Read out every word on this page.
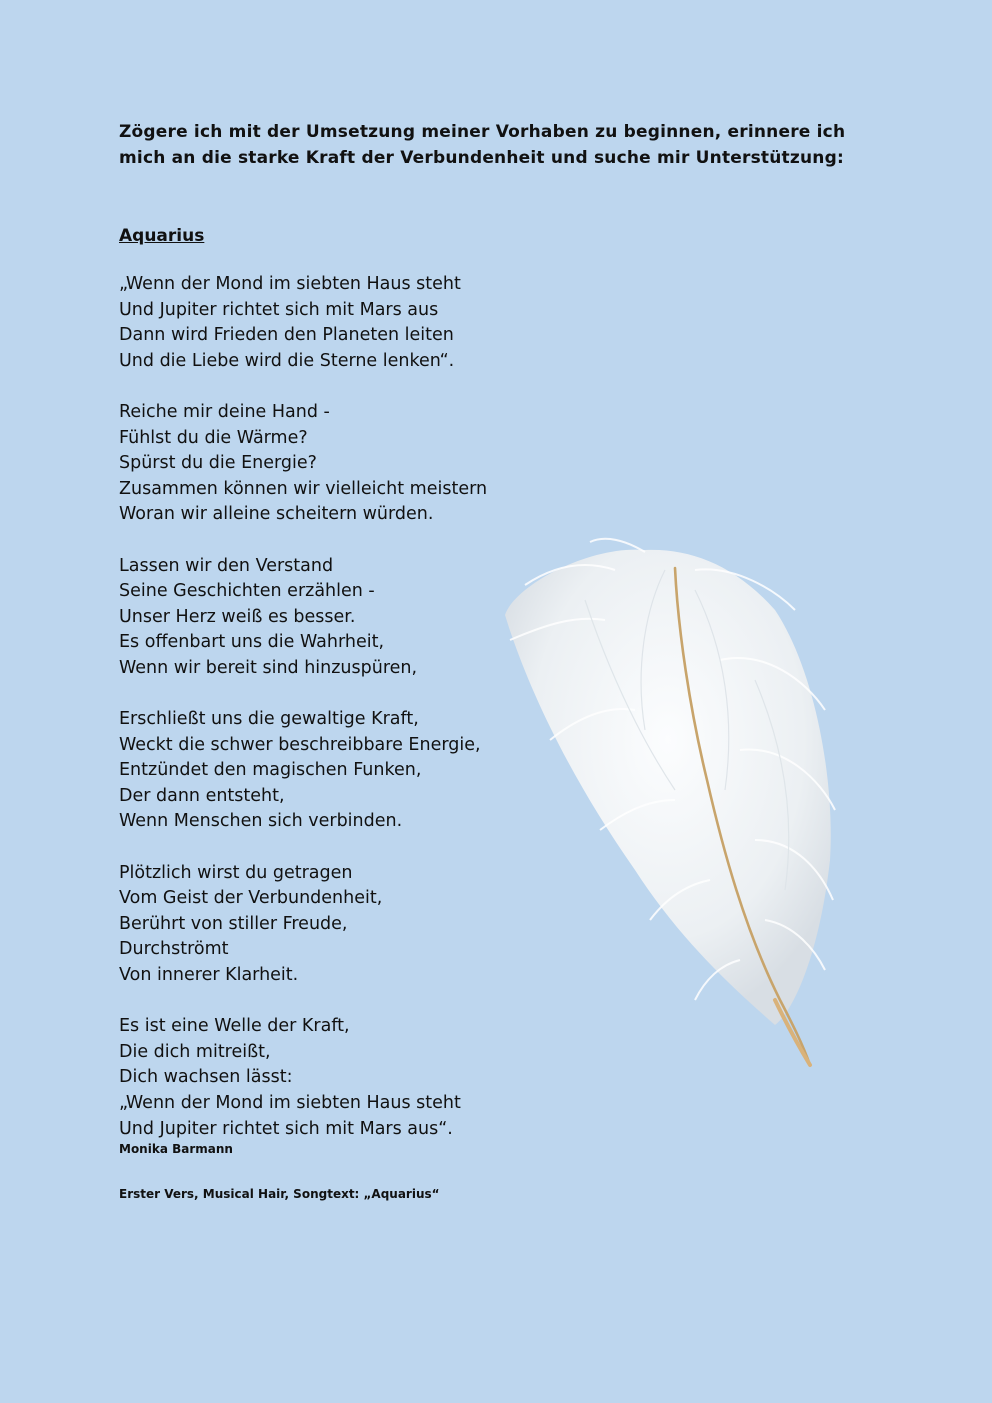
Zögere ich mit der Umsetzung meiner Vorhaben zu beginnen, erinnere ich mich an die starke Kraft der Verbundenheit und suche mir Unterstützung:
Aquarius
„Wenn der Mond im siebten Haus steht
Und Jupiter richtet sich mit Mars aus
Dann wird Frieden den Planeten leiten
Und die Liebe wird die Sterne lenken“.
Reiche mir deine Hand -
Fühlst du die Wärme?
Spürst du die Energie?
Zusammen können wir vielleicht meistern
Woran wir alleine scheitern würden.
Lassen wir den Verstand
Seine Geschichten erzählen -
Unser Herz weiß es besser.
Es offenbart uns die Wahrheit,
Wenn wir bereit sind hinzuspüren,
Erschließt uns die gewaltige Kraft,
Weckt die schwer beschreibbare Energie,
Entzündet den magischen Funken,
Der dann entsteht,
Wenn Menschen sich verbinden.
Plötzlich wirst du getragen
Vom Geist der Verbundenheit,
Berührt von stiller Freude,
Durchströmt
Von innerer Klarheit.
Es ist eine Welle der Kraft,
Die dich mitreißt,
Dich wachsen lässt:
„Wenn der Mond im siebten Haus steht
Und Jupiter richtet sich mit Mars aus“.
Monika Barmann
Erster Vers, Musical Hair, Songtext: „Aquarius“
